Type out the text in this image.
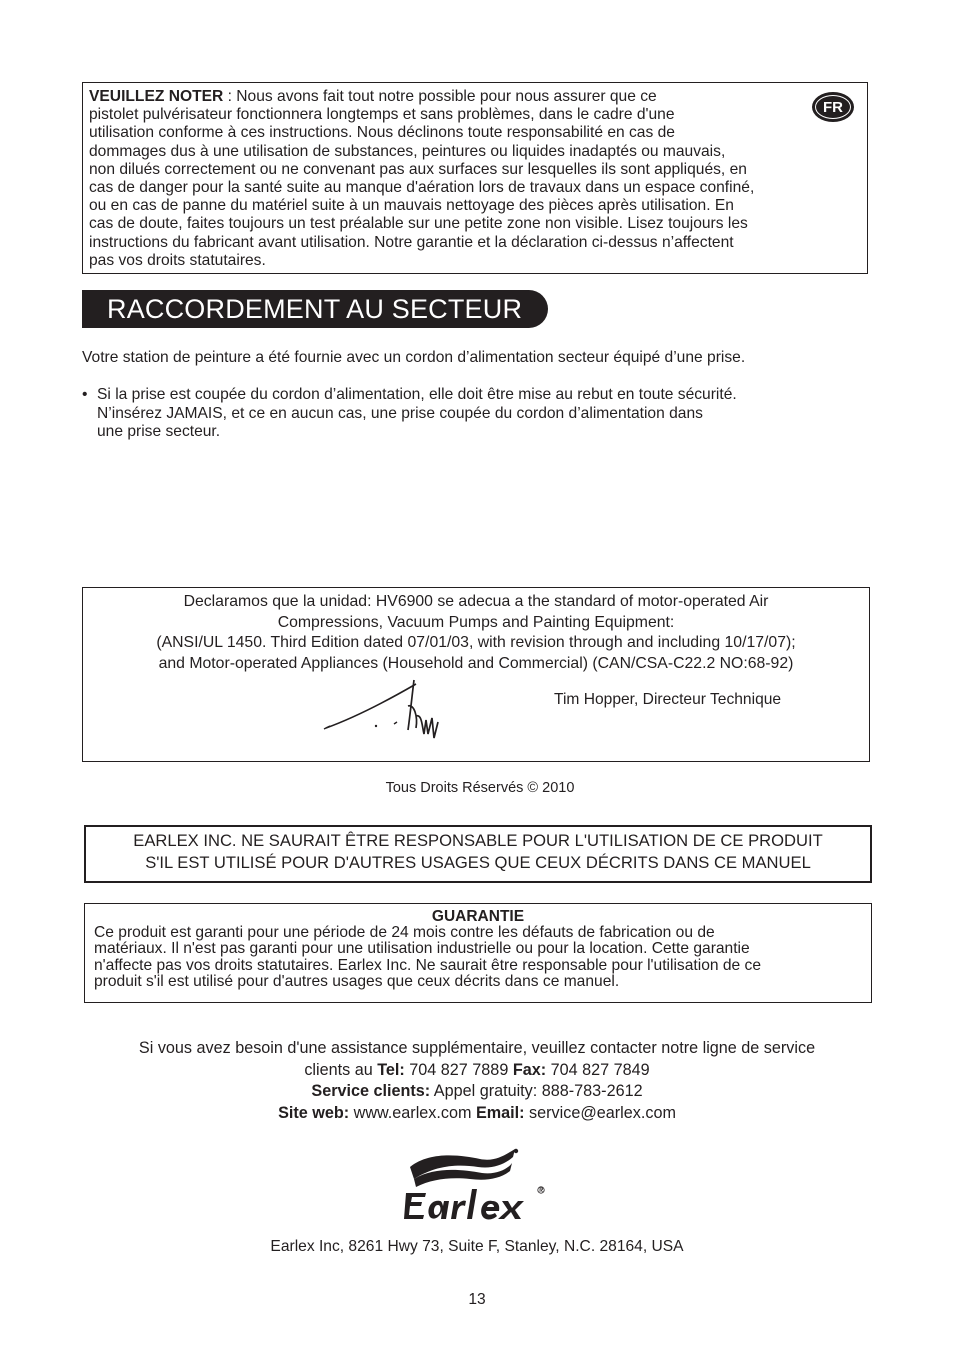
VEUILLEZ NOTER : Nous avons fait tout notre possible pour nous assurer que ce
pistolet pulvérisateur fonctionnera longtemps et sans problèmes, dans le cadre d'une
utilisation conforme à ces instructions. Nous déclinons toute responsabilité en cas de
dommages dus à une utilisation de substances, peintures ou liquides inadaptés ou mauvais,
non dilués correctement ou ne convenant pas aux surfaces sur lesquelles ils sont appliqués, en
cas de danger pour la santé suite au manque d'aération lors de travaux dans un espace confiné,
ou en cas de panne du matériel suite à un mauvais nettoyage des pièces après utilisation. En
cas de doute, faites toujours un test préalable sur une petite zone non visible. Lisez toujours les
instructions du fabricant avant utilisation. Notre garantie et la déclaration ci-dessus n’affectent
pas vos droits statutaires.

FR
RACCORDEMENT AU SECTEUR

Votre station de peinture a été fournie avec un cordon d’alimentation secteur équipé d’une prise.

• Si la prise est coupée du cordon d’alimentation, elle doit être mise au rebut en toute sécurité.
N’insérez JAMAIS, et ce en aucun cas, une prise coupée du cordon d’alimentation dans
une prise secteur.

Declaramos que la unidad: HV6900 se adecua a the standard of motor-operated Air
Compressions, Vacuum Pumps and Painting Equipment:
(ANSI/UL 1450. Third Edition dated 07/01/03, with revision through and including 10/17/07);
and Motor-operated Appliances (Household and Commercial) (CAN/CSA-C22.2 NO:68-92)

Tim Hopper, Directeur Technique
Tous Droits Réservés © 2010

EARLEX INC. NE SAURAIT ÊTRE RESPONSABLE POUR L'UTILISATION DE CE PRODUIT
S'IL EST UTILISÉ POUR D'AUTRES USAGES QUE CEUX DÉCRITS DANS CE MANUEL

GUARANTIE

Ce produit est garanti pour une période de 24 mois contre les défauts de fabrication ou de
matériaux. Il n'est pas garanti pour une utilisation industrielle ou pour la location. Cette garantie
n'affecte pas vos droits statutaires. Earlex Inc. Ne saurait être responsable pour l'utilisation de ce
produit s'il est utilisé pour d'autres usages que ceux décrits dans ce manuel.

Si vous avez besoin d'une assistance supplémentaire, veuillez contacter notre ligne de service
clients au Tel: 704 827 7889 Fax: 704 827 7849
Service clients: Appel gratuity: 888-783-2612
Site web: www.earlex.com Email: service@earlex.com
Earlex Inc, 8261 Hwy 73, Suite F, Stanley, N.C. 28164, USA
13
